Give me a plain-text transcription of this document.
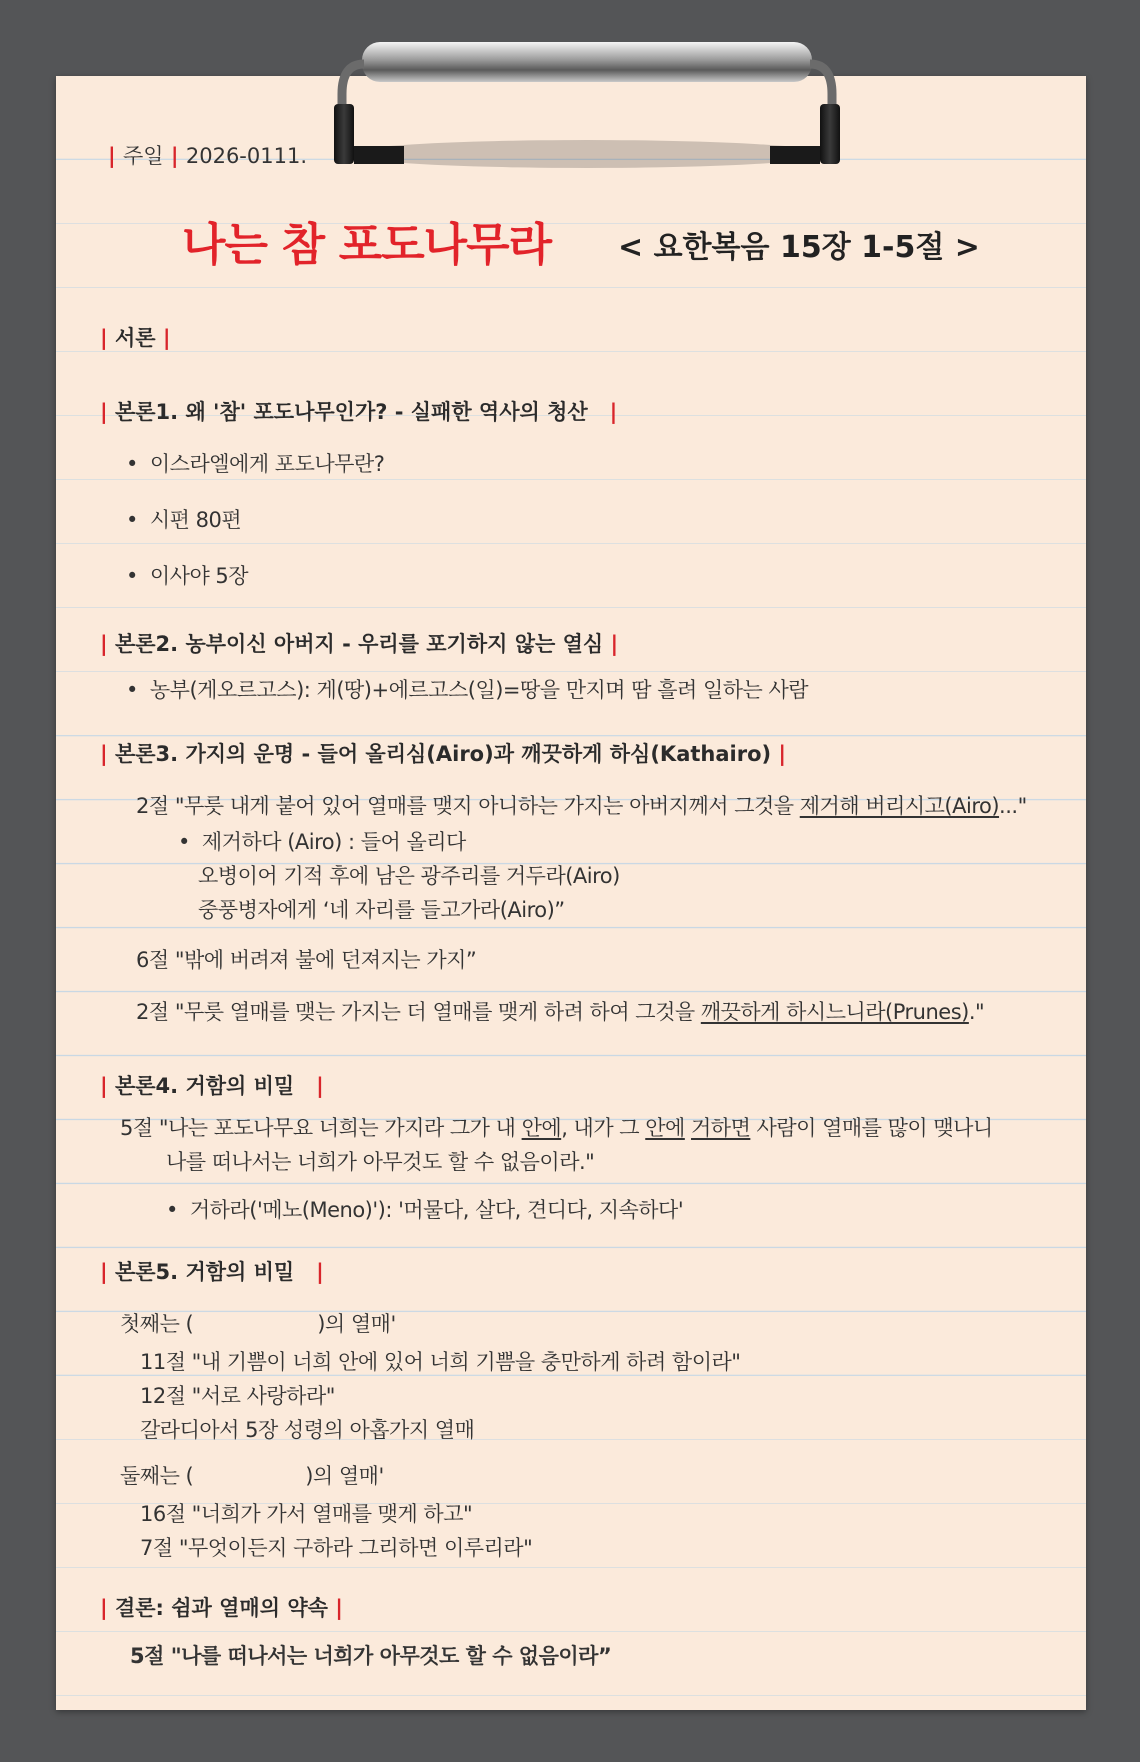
| 주일 | 2026-0111.
나는 참 포도나무라 < 요한복음 15장 1-5절 >
| 서론 |
| 본론1. 왜 '참' 포도나무인가? - 실패한 역사의 청산   |
• 이스라엘에게 포도나무란?
• 시편 80편
• 이사야 5장
| 본론2. 농부이신 아버지 - 우리를 포기하지 않는 열심 |
• 농부(게오르고스): 게(땅)+에르고스(일)=땅을 만지며 땀 흘려 일하는 사람
| 본론3. 가지의 운명 - 들어 올리심(Airo)과 깨끗하게 하심(Kathairo) |
2절 "무릇 내게 붙어 있어 열매를 맺지 아니하는 가지는 아버지께서 그것을 제거해 버리시고(Airo)..."
• 제거하다 (Airo) : 들어 올리다
오병이어 기적 후에 남은 광주리를 거두라(Airo)
중풍병자에게 ‘네 자리를 들고가라(Airo)”
6절 "밖에 버려져 불에 던져지는 가지”
2절 "무릇 열매를 맺는 가지는 더 열매를 맺게 하려 하여 그것을 깨끗하게 하시느니라(Prunes)."
| 본론4. 거함의 비밀   |
5절 "나는 포도나무요 너희는 가지라 그가 내 안에, 내가 그 안에 거하면 사람이 열매를 많이 맺나니
나를 떠나서는 너희가 아무것도 할 수 없음이라."
• 거하라('메노(Meno)'): '머물다, 살다, 견디다, 지속하다'
| 본론5. 거함의 비밀   |
첫째는 (	)의 열매'
11절 "내 기쁨이 너희 안에 있어 너희 기쁨을 충만하게 하려 함이라"
12절 "서로 사랑하라"
갈라디아서 5장 성령의 아홉가지 열매
둘째는 (	)의 열매'
16절 "너희가 가서 열매를 맺게 하고"
7절 "무엇이든지 구하라 그리하면 이루리라"
| 결론: 쉼과 열매의 약속 |
5절 "나를 떠나서는 너희가 아무것도 할 수 없음이라”
